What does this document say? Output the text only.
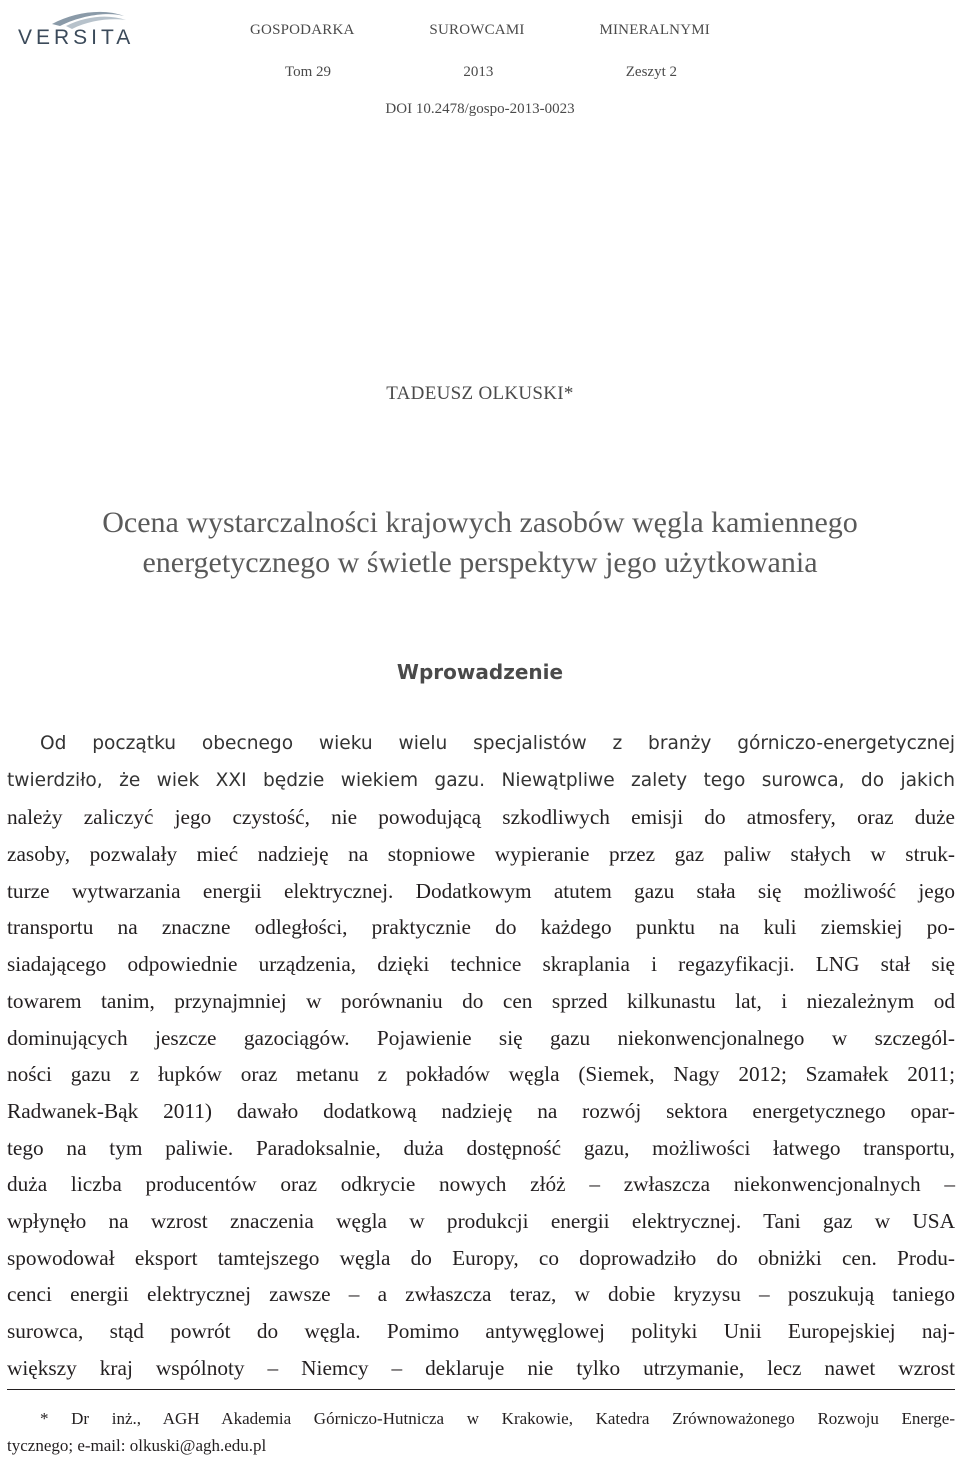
VERSITA	GOSPODARKA	SUROWCAMI	MINERALNYMI
Tom 29	2013	Zeszyt 2
DOI 10.2478/gospo-2013-0023
TADEUSZ OLKUSKI*
Ocena wystarczalności krajowych zasobów węgla kamiennego
energetycznego w świetle perspektyw jego użytkowania
Wprowadzenie
Od początku obecnego wieku wielu specjalistów z branży górniczo-energetycznej
twierdziło, że wiek XXI będzie wiekiem gazu. Niewątpliwe zalety tego surowca, do jakich
należy zaliczyć jego czystość, nie powodującą szkodliwych emisji do atmosfery, oraz duże
zasoby, pozwalały mieć nadzieję na stopniowe wypieranie przez gaz paliw stałych w struk-
turze wytwarzania energii elektrycznej. Dodatkowym atutem gazu stała się możliwość jego
transportu na znaczne odległości, praktycznie do każdego punktu na kuli ziemskiej po-
siadającego odpowiednie urządzenia, dzięki technice skraplania i regazyfikacji. LNG stał się
towarem tanim, przynajmniej w porównaniu do cen sprzed kilkunastu lat, i niezależnym od
dominujących jeszcze gazociągów. Pojawienie się gazu niekonwencjonalnego w szczegól-
ności gazu z łupków oraz metanu z pokładów węgla (Siemek, Nagy 2012; Szamałek 2011;
Radwanek-Bąk 2011) dawało dodatkową nadzieję na rozwój sektora energetycznego opar-
tego na tym paliwie. Paradoksalnie, duża dostępność gazu, możliwości łatwego transportu,
duża liczba producentów oraz odkrycie nowych złóż – zwłaszcza niekonwencjonalnych –
wpłynęło na wzrost znaczenia węgla w produkcji energii elektrycznej. Tani gaz w USA
spowodował eksport tamtejszego węgla do Europy, co doprowadziło do obniżki cen. Produ-
cenci energii elektrycznej zawsze – a zwłaszcza teraz, w dobie kryzysu – poszukują taniego
surowca, stąd powrót do węgla. Pomimo antywęglowej polityki Unii Europejskiej naj-
większy kraj wspólnoty – Niemcy – deklaruje nie tylko utrzymanie, lecz nawet wzrost
* Dr inż., AGH Akademia Górniczo-Hutnicza w Krakowie, Katedra Zrównoważonego Rozwoju Energe-
tycznego; e-mail: olkuski@agh.edu.pl
